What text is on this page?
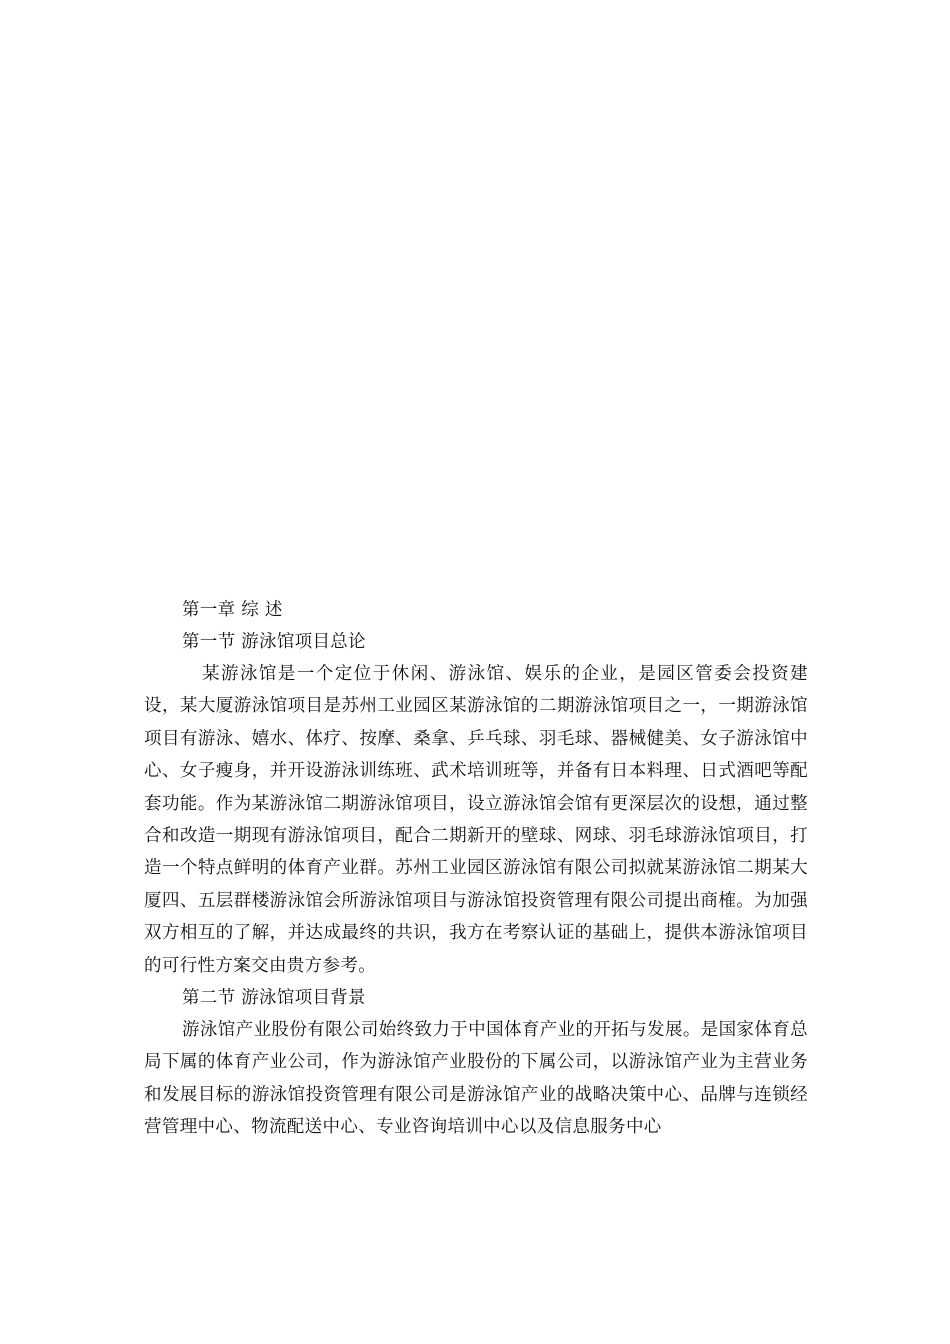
第一章 综 述
第一节 游泳馆项目总论

某游泳馆是一个定位于休闲、游泳馆、娱乐的企业，是园区管委会投资建设，某大厦游泳馆项目是苏州工业园区某游泳馆的二期游泳馆项目之一，一期游泳馆项目有游泳、嬉水、体疗、按摩、桑拿、乒乓球、羽毛球、器械健美、女子游泳馆中心、女子瘦身，并开设游泳训练班、武术培训班等，并备有日本料理、日式酒吧等配套功能。作为某游泳馆二期游泳馆项目，设立游泳馆会馆有更深层次的设想，通过整合和改造一期现有游泳馆项目，配合二期新开的壁球、网球、羽毛球游泳馆项目，打造一个特点鲜明的体育产业群。苏州工业园区游泳馆有限公司拟就某游泳馆二期某大厦四、五层群楼游泳馆会所游泳馆项目与游泳馆投资管理有限公司提出商榷。为加强双方相互的了解，并达成最终的共识，我方在考察认证的基础上，提供本游泳馆项目的可行性方案交由贵方参考。

第二节 游泳馆项目背景

游泳馆产业股份有限公司始终致力于中国体育产业的开拓与发展。是国家体育总局下属的体育产业公司，作为游泳馆产业股份的下属公司，以游泳馆产业为主营业务和发展目标的游泳馆投资管理有限公司是游泳馆产业的战略决策中心、品牌与连锁经营管理中心、物流配送中心、专业咨询培训中心以及信息服务中心
